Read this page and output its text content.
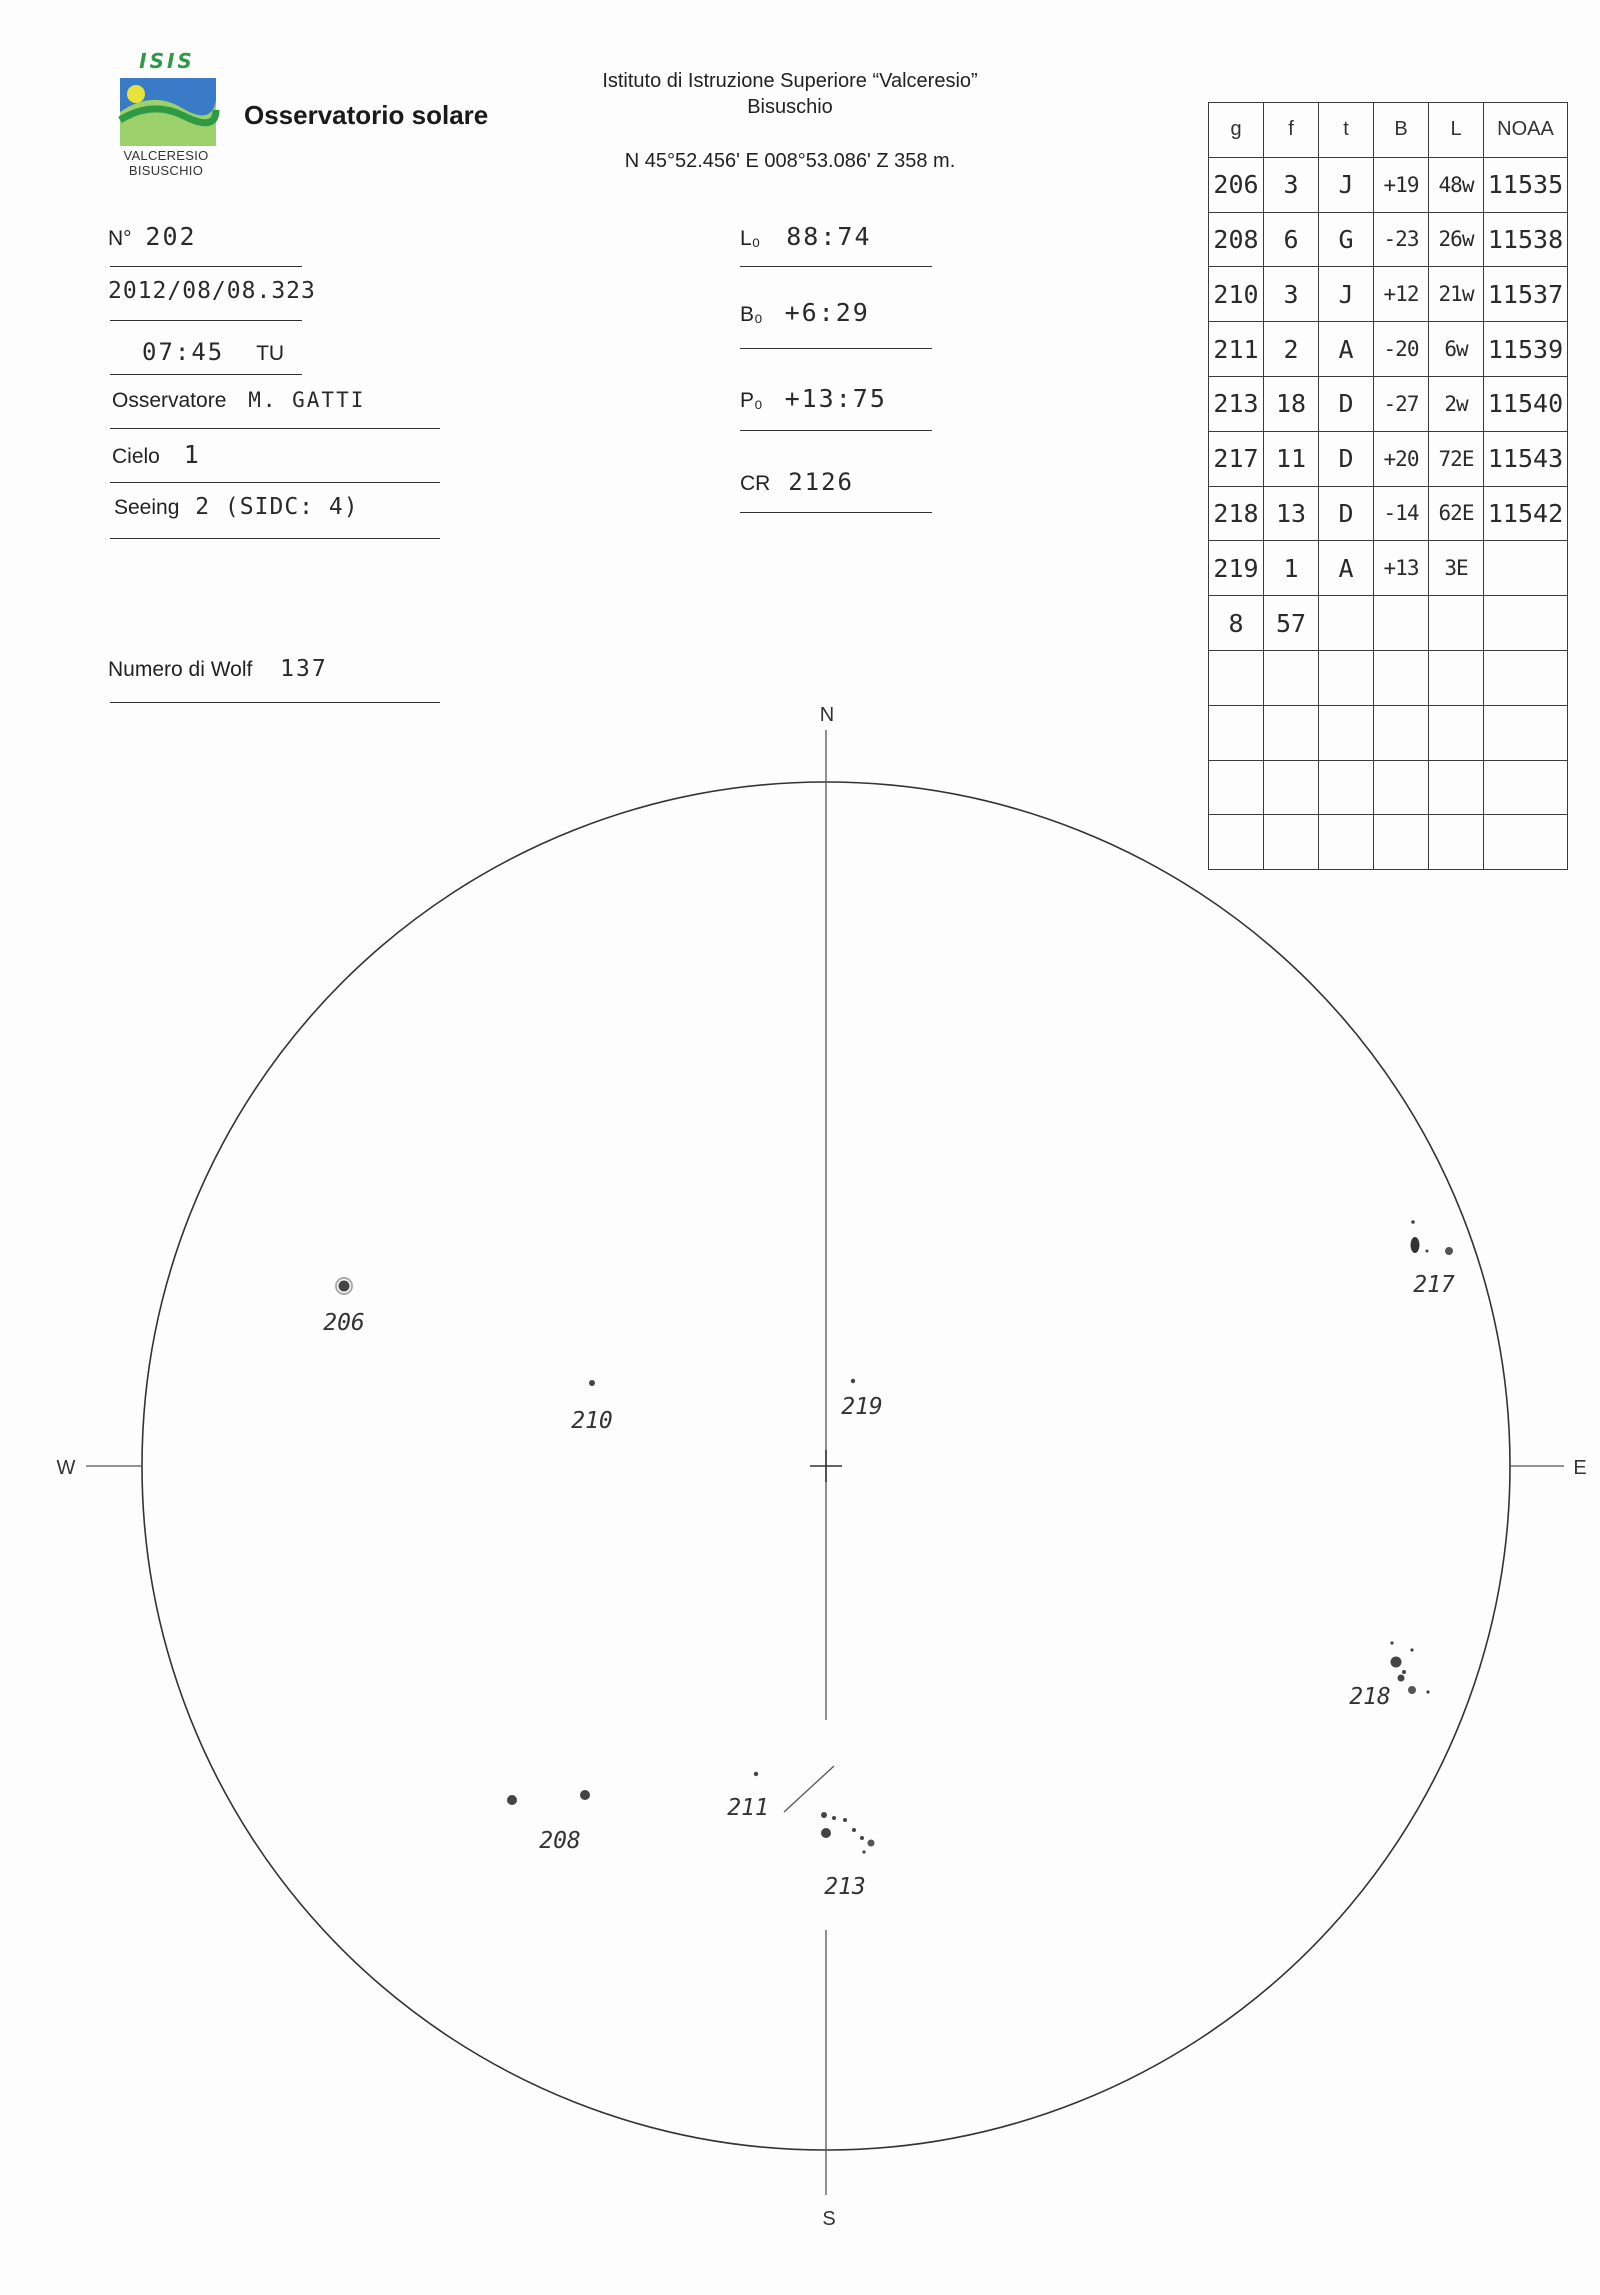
ISIS
VALCERESIO
BISUSCHIO
Osservatorio solare
Istituto di Istruzione Superiore “Valceresio”
Bisuschio
N 45°52.456' E 008°53.086' Z 358 m.
N° 202
2012/08/08.323
07:45 TU
Osservatore M. GATTI
Cielo 1
Seeing 2 (SIDC: 4)
Numero di Wolf 137
L₀ 88:74
B₀ +6:29
P₀ +13:75
CR 2126
g	f	t	B	L	NOAA
206	3	J	+19	48w	11535
208	6	G	-23	26w	11538
210	3	J	+12	21w	11537
211	2	A	-20	6w	11539
213	18	D	-27	2w	11540
217	11	D	+20	72E	11543
218	13	D	-14	62E	11542
219	1	A	+13	3E	
8	57				

N
S
W	E
206
210
219
217
218
208
211
213
